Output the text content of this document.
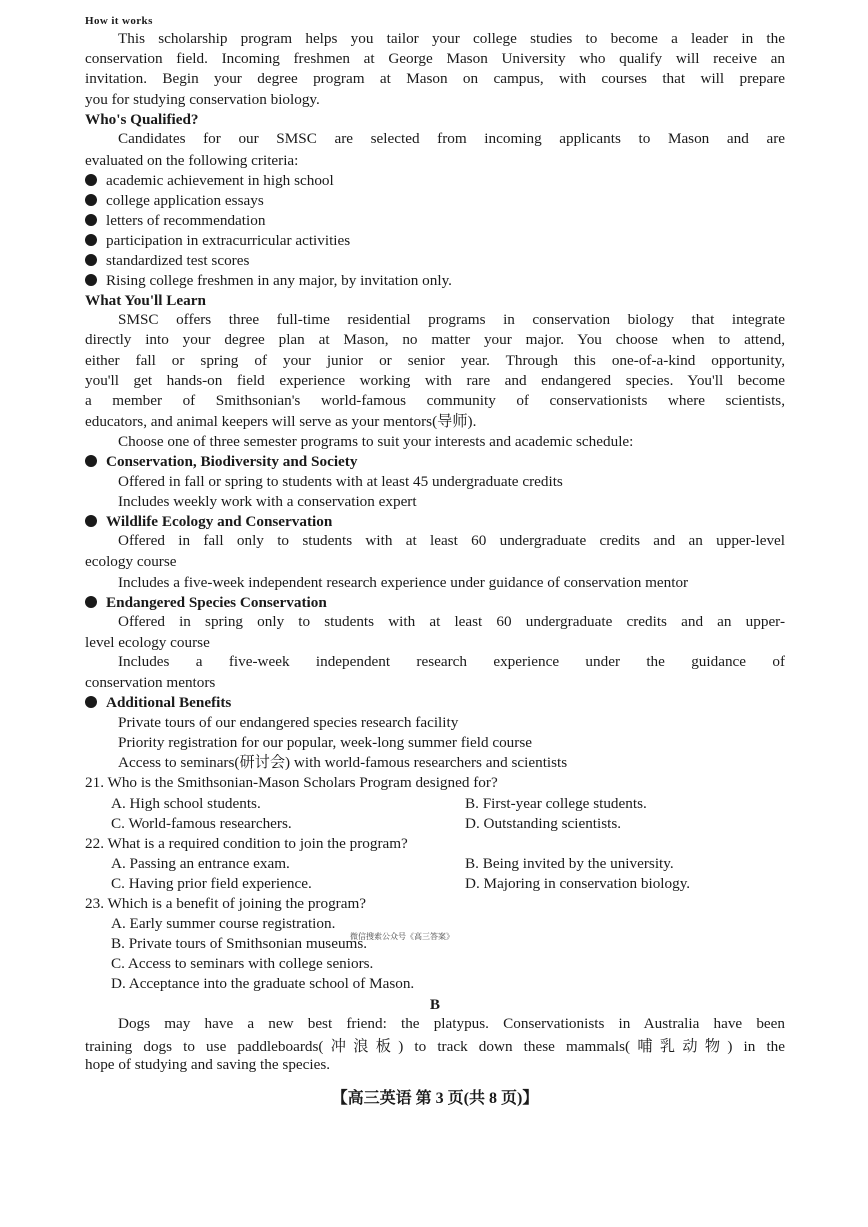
How it works
This scholarship program helps you tailor your college studies to become a leader in the
conservation field. Incoming freshmen at George Mason University who qualify will receive an
invitation. Begin your degree program at Mason on campus, with courses that will prepare
you for studying conservation biology.
Who's Qualified?
Candidates for our SMSC are selected from incoming applicants to Mason and are
evaluated on the following criteria:
academic achievement in high school
college application essays
letters of recommendation
participation in extracurricular activities
standardized test scores
Rising college freshmen in any major, by invitation only.
What You'll Learn
SMSC offers three full-time residential programs in conservation biology that integrate
directly into your degree plan at Mason, no matter your major. You choose when to attend,
either fall or spring of your junior or senior year. Through this one-of-a-kind opportunity,
you'll get hands-on field experience working with rare and endangered species. You'll become
a member of Smithsonian's world-famous community of conservationists where scientists,
educators, and animal keepers will serve as your mentors(导师).
Choose one of three semester programs to suit your interests and academic schedule:
Conservation, Biodiversity and Society
Offered in fall or spring to students with at least 45 undergraduate credits
Includes weekly work with a conservation expert
Wildlife Ecology and Conservation
Offered in fall only to students with at least 60 undergraduate credits and an upper-level
ecology course
Includes a five-week independent research experience under guidance of conservation mentor
Endangered Species Conservation
Offered in spring only to students with at least 60 undergraduate credits and an upper-
level ecology course
Includes a five-week independent research experience under the guidance of
conservation mentors
Additional Benefits
Private tours of our endangered species research facility
Priority registration for our popular, week-long summer field course
Access to seminars(研讨会) with world-famous researchers and scientists
21. Who is the Smithsonian-Mason Scholars Program designed for?
A. High school students.	B. First-year college students.
C. World-famous researchers.	D. Outstanding scientists.
22. What is a required condition to join the program?
A. Passing an entrance exam.	B. Being invited by the university.
C. Having prior field experience.	D. Majoring in conservation biology.
23. Which is a benefit of joining the program?
A. Early summer course registration.
B. Private tours of Smithsonian museums.
C. Access to seminars with college seniors.
D. Acceptance into the graduate school of Mason.
B
Dogs may have a new best friend: the platypus. Conservationists in Australia have been
training dogs to use paddleboards(冲浪板) to track down these mammals(哺乳动物) in the
hope of studying and saving the species.
【高三英语 第 3 页(共 8 页)】
微信搜索公众号《高三答案》
